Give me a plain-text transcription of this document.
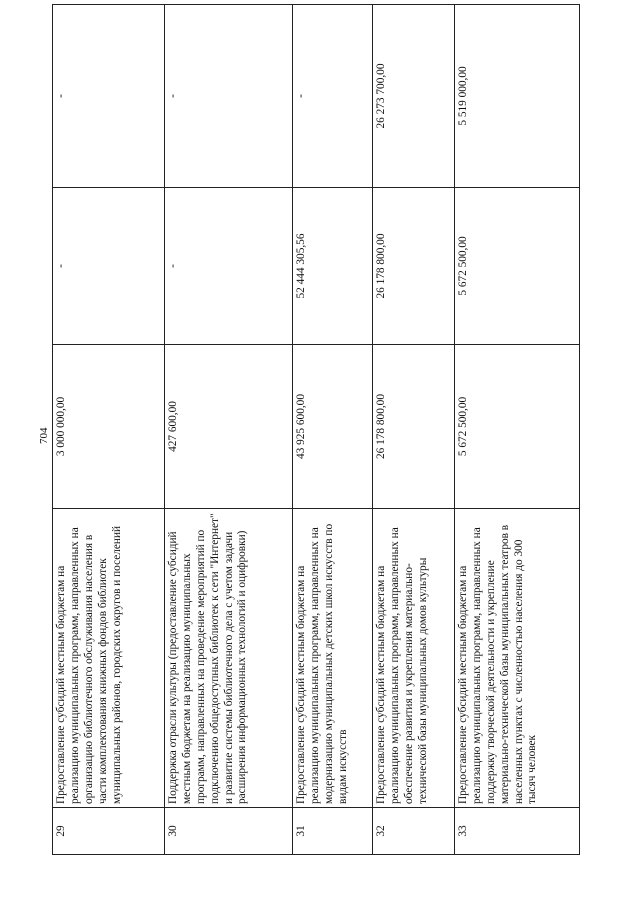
704
29	Предоставление субсидий местным бюджетам на реализацию муниципальных программ, направленных на организацию библиотечного обслуживания населения в части комплектования книжных фондов библиотек муниципальных районов, городских округов и поселений	3 000 000,00	-	-
30	Поддержка отрасли культуры (предоставление субсидий местным бюджетам на реализацию муниципальных программ, направленных на проведение мероприятий по подключению общедоступных библиотек к сети "Интернет" и развитие системы библиотечного дела с учетом задачи расширения информационных технологий и оцифровки)	427 600,00	-	-
31	Предоставление субсидий местным бюджетам на реализацию муниципальных программ, направленных на модернизацию муниципальных детских школ искусств по видам искусств	43 925 600,00	52 444 305,56	-
32	Предоставление субсидий местным бюджетам на реализацию муниципальных программ, направленных на обеспечение развития и укрепления материально-технической базы муниципальных домов культуры	26 178 800,00	26 178 800,00	26 273 700,00
33	Предоставление субсидий местным бюджетам на реализацию муниципальных программ, направленных на поддержку творческой деятельности и укрепление материально-технической базы муниципальных театров в населенных пунктах с численностью населения до 300 тысяч человек	5 672 500,00	5 672 500,00	5 519 000,00
